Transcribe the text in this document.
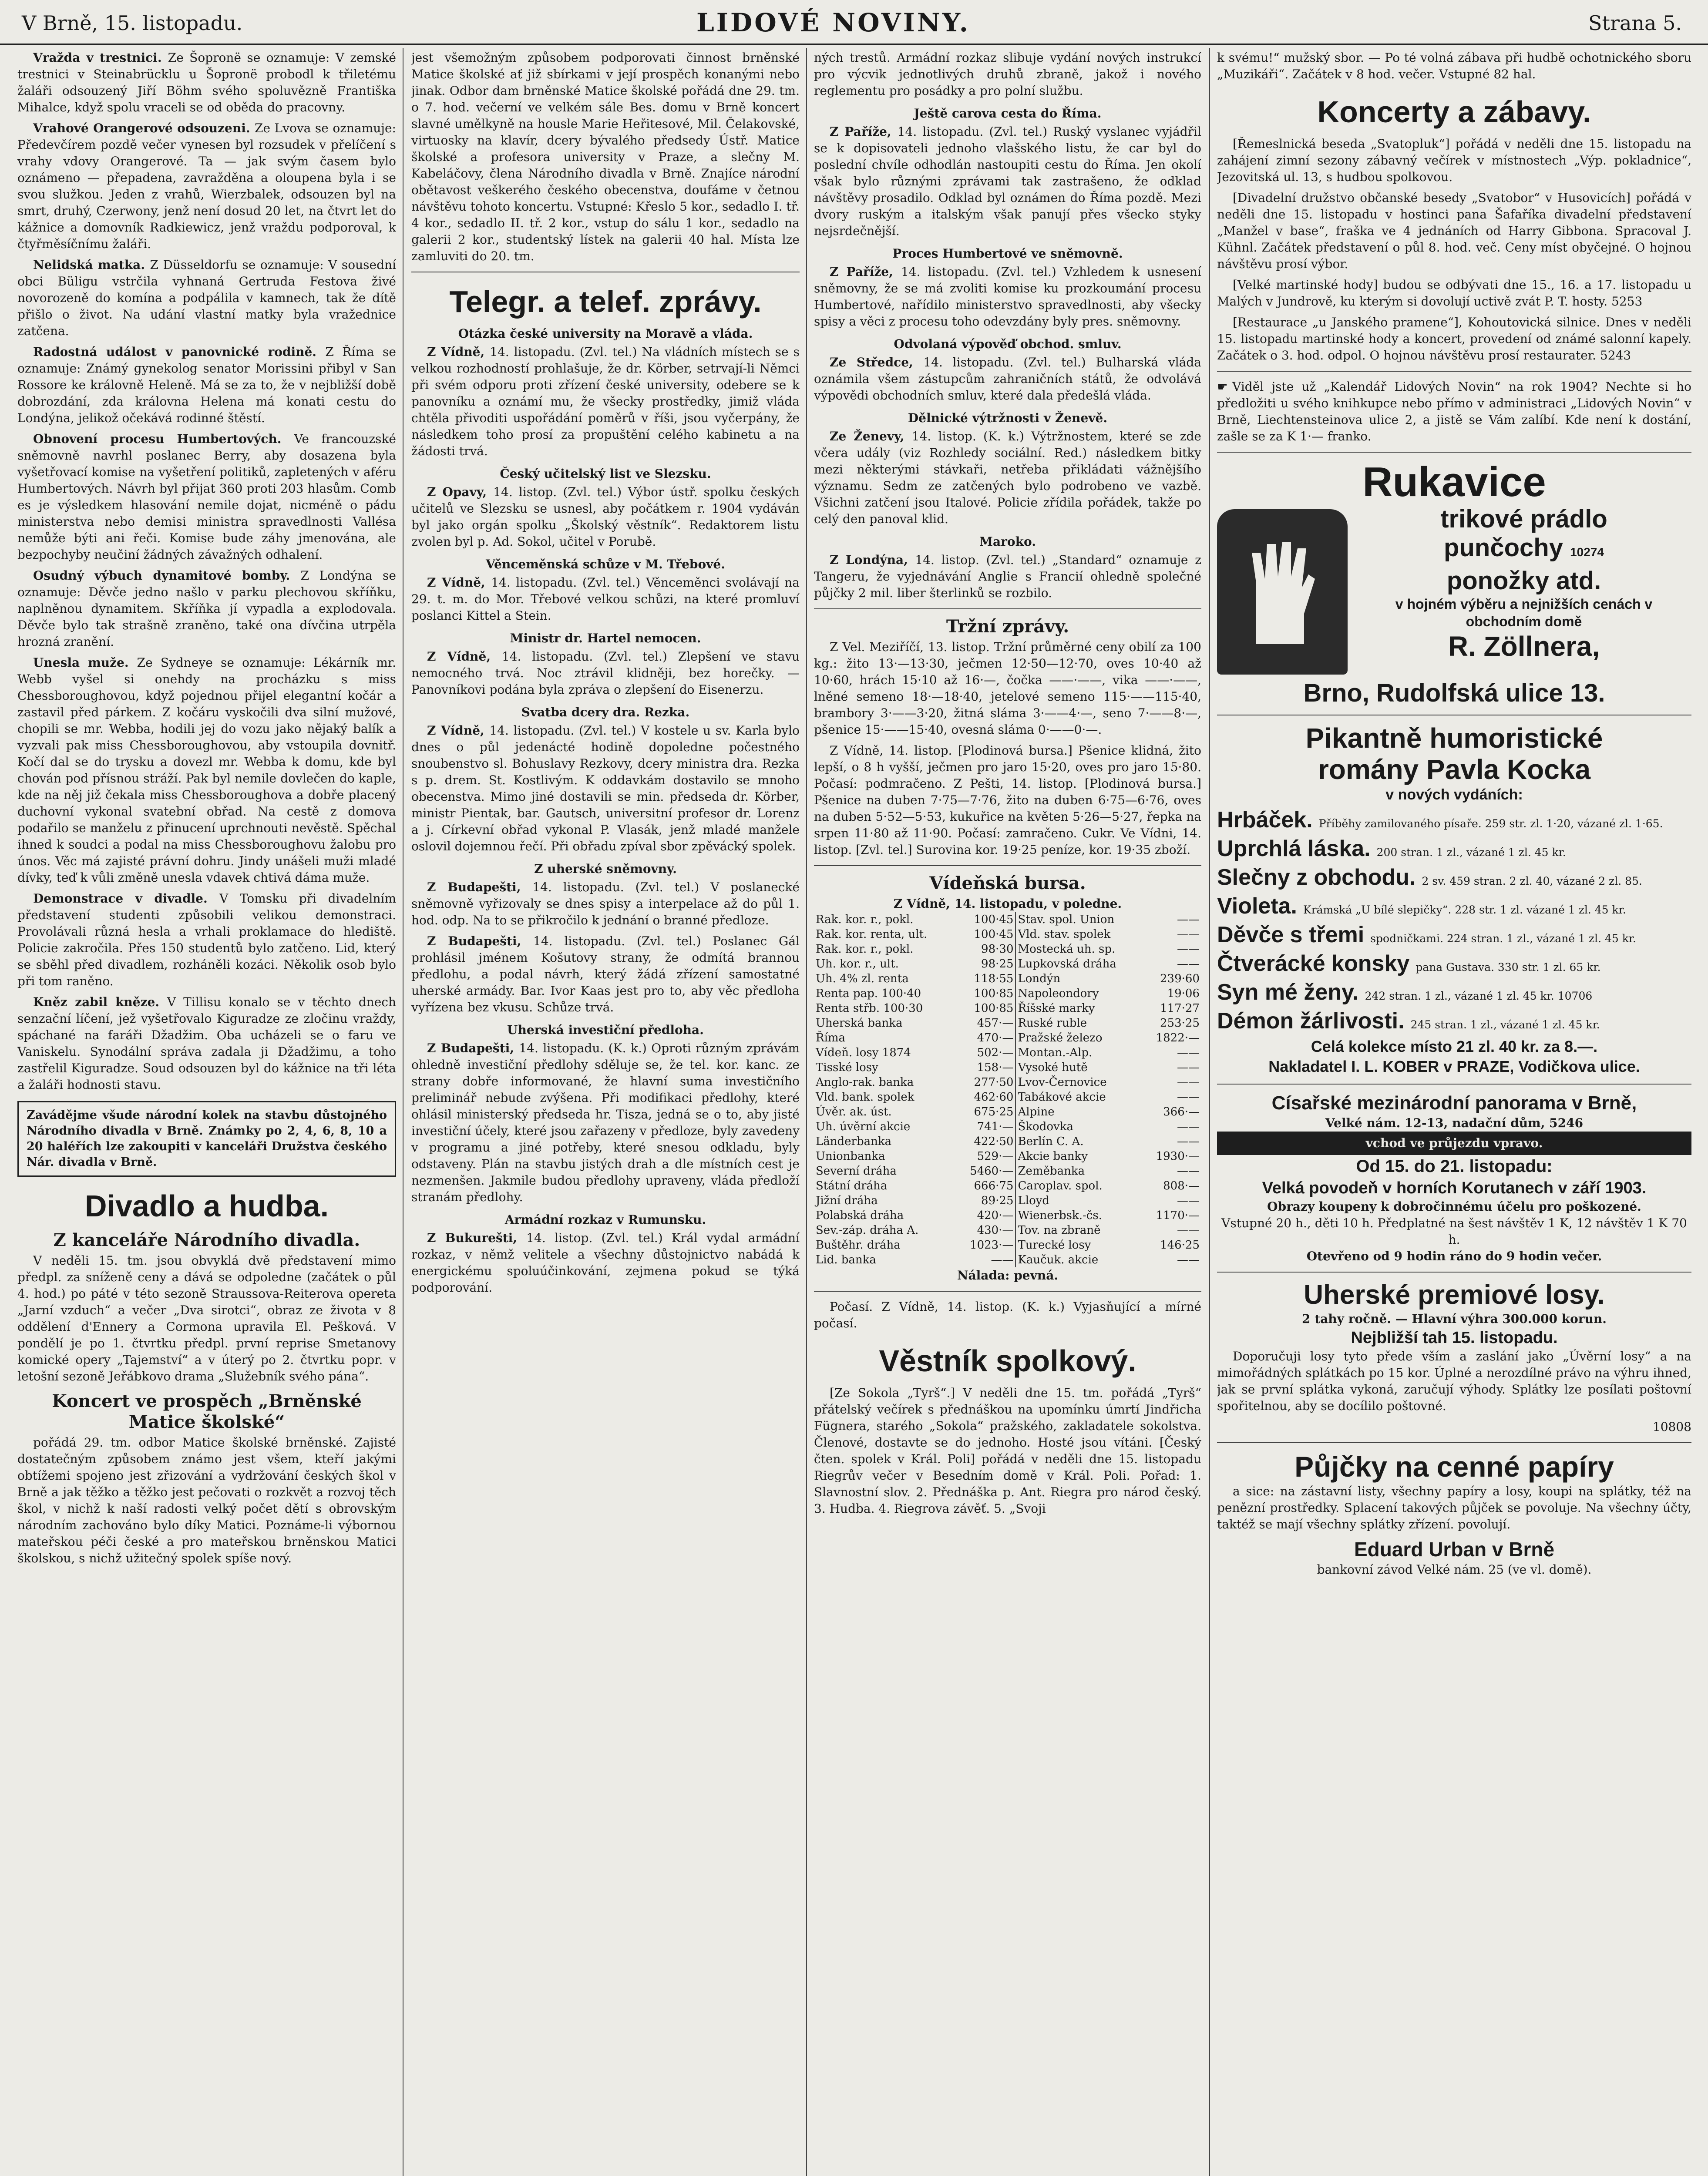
V Brně, 15. listopadu.	LIDOVÉ NOVINY.	Strana 5.

Vražda v trestnici. Ze Šopronë se oznamuje: V zemské trestnici v Steinabrücklu u Šopronë probodl k třiletému žaláři odsouzený Jiří Böhm svého spoluvězně Františka Mihalce, když spolu vraceli se od oběda do pracovny.

Vrahové Orangerové odsouzeni. Ze Lvova se oznamuje: Předevčírem pozdě večer vynesen byl rozsudek v přelíčení s vrahy vdovy Orangerové. Ta — jak svým časem bylo oznámeno — přepadena, zavražděna a oloupena byla i se svou služkou. Jeden z vrahů, Wierzbalek, odsouzen byl na smrt, druhý, Czerwony, jenž není dosud 20 let, na čtvrt let do kážnice a domovník Radkiewicz, jenž vraždu podporoval, k čtyřměsíčnímu žaláři.

Nelidská matka. Z Düsseldorfu se oznamuje: V sousední obci Büligu vstrčila vyhnaná Gertruda Festova živé novorozeně do komína a podpálila v kamnech, tak že dítě přišlo o život. Na udání vlastní matky byla vražednice zatčena.

Radostná událost v panovnické rodině. Z Říma se oznamuje: Známý gynekolog senator Morissini přibyl v San Rossore ke královně Heleně. Má se za to, že v nejbližší době dobrozdání, zda královna Helena má konati cestu do Londýna, jelikož očekává rodinné štěstí.

Obnovení procesu Humbertových. Ve francouzské sněmovně navrhl poslanec Berry, aby dosazena byla vyšetřovací komise na vyšetření politiků, zapletených v aféru Humbertových. Návrh byl přijat 360 proti 203 hlasům. Comb es je výsledkem hlasování nemile dojat, nicméně o pádu ministerstva nebo demisi ministra spravedlnosti Vallésa nemůže býti ani řeči. Komise bude záhy jmenována, ale bezpochyby neučiní žádných závažných odhalení.

Osudný výbuch dynamitové bomby. Z Londýna se oznamuje: Děvče jedno našlo v parku plechovou skříňku, naplněnou dynamitem. Skříňka jí vypadla a explodovala. Děvče bylo tak strašně zraněno, také ona dívčina utrpěla hrozná zranění.

Unesla muže. Ze Sydneye se oznamuje: Lékárník mr. Webb vyšel si onehdy na procházku s miss Chessboroughovou, když pojednou přijel elegantní kočár a zastavil před párkem. Z kočáru vyskočili dva silní mužové, chopili se mr. Webba, hodili jej do vozu jako nějaký balík a vyzvali pak miss Chessboroughovou, aby vstoupila dovnitř. Kočí dal se do trysku a dovezl mr. Webba k domu, kde byl chován pod přísnou stráží. Pak byl nemile dovlečen do kaple, kde na něj již čekala miss Chessboroughova a dobře placený duchovní vykonal svatební obřad. Na cestě z domova podařilo se manželu z přinucení uprchnouti nevěstě. Spěchal ihned k soudci a podal na miss Chessboroughovu žalobu pro únos. Věc má zajisté právní dohru. Jindy unášeli muži mladé dívky, teď k vůli změně unesla vdavek chtivá dáma muže.

Demonstrace v divadle. V Tomsku při divadelním představení studenti způsobili velikou demonstraci. Provolávali různá hesla a vrhali proklamace do hlediště. Policie zakročila. Přes 150 studentů bylo zatčeno. Lid, který se sběhl před divadlem, rozháněli kozáci. Několik osob bylo při tom raněno.

Kněz zabil kněze. V Tillisu konalo se v těchto dnech senzační líčení, jež vyšetřovalo Kiguradze ze zločinu vraždy, spáchané na faráři Džadžim. Oba ucházeli se o faru ve Vaniskelu. Synodální správa zadala ji Džadžimu, a toho zastřelil Kiguradze. Soud odsouzen byl do kážnice na tři léta a žaláři hodnosti stavu.

Zavádějme všude národní kolek na stavbu důstojného Národního divadla v Brně. Známky po 2, 4, 6, 8, 10 a 20 haléřích lze zakoupiti v kanceláři Družstva českého Nár. divadla v Brně.
Divadlo a hudba.
Z kanceláře Národního divadla.

V neděli 15. tm. jsou obvyklá dvě představení mimo předpl. za sníženě ceny a dává se odpoledne (začátek o půl 4. hod.) po páté v této sezoně Straussova-Reiterova opereta „Jarní vzduch“ a večer „Dva sirotci“, obraz ze života v 8 oddělení d'Ennery a Cormona upravila El. Pešková. V pondělí je po 1. čtvrtku předpl. první reprise Smetanovy komické opery „Tajemství“ a v úterý po 2. čtvrtku popr. v letošní sezoně Jeřábkovo drama „Služebník svého pána“.

Koncert ve prospěch „Brněnské Matice školské“

pořádá 29. tm. odbor Matice školské brněnské. Zajisté dostatečným způsobem známo jest všem, kteří jakými obtížemi spojeno jest zřizování a vydržování českých škol v Brně a jak těžko a těžko jest pečovati o rozkvět a rozvoj těch škol, v nichž k naší radosti velký počet dětí s obrovským národním zachováno bylo díky Matici. Poznáme-li výbornou mateřskou péči české a pro mateřskou brněnskou Matici školskou, s nichž užitečný spolek spíše nový.

jest všemožným způsobem podporovati činnost brněnské Matice školské ať již sbírkami v její prospěch konanými nebo jinak. Odbor dam brněnské Matice školské pořádá dne 29. tm. o 7. hod. večerní ve velkém sále Bes. domu v Brně koncert slavné umělkyně na housle Marie Heřitesové, Mil. Čelakovské, virtuosky na klavír, dcery bývalého předsedy Ústř. Matice školské a profesora university v Praze, a slečny M. Kabeláčovy, člena Národního divadla v Brně. Znajíce národní obětavost veškerého českého obecenstva, doufáme v četnou návštěvu tohoto koncertu. Vstupné: Křeslo 5 kor., sedadlo I. tř. 4 kor., sedadlo II. tř. 2 kor., vstup do sálu 1 kor., sedadlo na galerii 2 kor., studentský lístek na galerii 40 hal. Místa lze zamluviti do 20. tm.

Telegr. a telef. zprávy.
Otázka české university na Moravě a vláda.

Z Vídně, 14. listopadu. (Zvl. tel.) Na vládních místech se s velkou rozhodností prohlašuje, že dr. Körber, setrvají-li Němci při svém odporu proti zřízení české university, odebere se k panovníku a oznámí mu, že všecky prostředky, jimiž vláda chtěla přivoditi uspořádání poměrů v říši, jsou vyčerpány, že následkem toho prosí za propuštění celého kabinetu a na žádosti trvá.

Český učitelský list ve Slezsku.

Z Opavy, 14. listop. (Zvl. tel.) Výbor ústř. spolku českých učitelů ve Slezsku se usnesl, aby počátkem r. 1904 vydáván byl jako orgán spolku „Školský věstník“. Redaktorem listu zvolen byl p. Ad. Sokol, učitel v Porubě.

Věnceměnská schůze v M. Třebové.

Z Vídně, 14. listopadu. (Zvl. tel.) Věnceměnci svolávají na 29. t. m. do Mor. Třebové velkou schůzi, na které promluví poslanci Kittel a Stein.

Ministr dr. Hartel nemocen.

Z Vídně, 14. listopadu. (Zvl. tel.) Zlepšení ve stavu nemocného trvá. Noc ztrávil klidněji, bez horečky. — Panovníkovi podána byla zpráva o zlepšení do Eisenerzu.

Svatba dcery dra. Rezka.

Z Vídně, 14. listopadu. (Zvl. tel.) V kostele u sv. Karla bylo dnes o půl jedenácté hodině dopoledne počestného snoubenstvo sl. Bohuslavy Rezkovy, dcery ministra dra. Rezka s p. drem. St. Kostlivým. K oddavkám dostavilo se mnoho obecenstva. Mimo jiné dostavili se min. předseda dr. Körber, ministr Pientak, bar. Gautsch, universitní profesor dr. Lorenz a j. Církevní obřad vykonal P. Vlasák, jenž mladé manžele oslovil dojemnou řečí. Při obřadu zpíval sbor zpěvácký spolek.

Z uherské sněmovny.

Z Budapešti, 14. listopadu. (Zvl. tel.) V poslanecké sněmovně vyřizovaly se dnes spisy a interpelace až do půl 1. hod. odp. Na to se přikročilo k jednání o branné předloze.

Z Budapešti, 14. listopadu. (Zvl. tel.) Poslanec Gál prohlásil jménem Košutovy strany, že odmítá brannou předlohu, a podal návrh, který žádá zřízení samostatné uherské armády. Bar. Ivor Kaas jest pro to, aby věc předloha vyřízena bez vkusu. Schůze trvá.

Uherská investiční předloha.

Z Budapešti, 14. listopadu. (K. k.) Oproti různým zprávám ohledně investiční předlohy sděluje se, že tel. kor. kanc. ze strany dobře informované, že hlavní suma investičního preliminář nebude zvýšena. Při modifikaci předlohy, které ohlásil ministerský předseda hr. Tisza, jedná se o to, aby jisté investiční účely, které jsou zařazeny v předloze, byly zavedeny v programu a jiné potřeby, které snesou odkladu, byly odstaveny. Plán na stavbu jistých drah a dle místních cest je nezmenšen. Jakmile budou předlohy upraveny, vláda předloží stranám předlohy.

Armádní rozkaz v Rumunsku.

Z Bukurešti, 14. listop. (Zvl. tel.) Král vydal armádní rozkaz, v němž velitele a všechny důstojnictvo nabádá k energickému spoluúčinkování, zejmena pokud se týká podporování.

ných trestů. Armádní rozkaz slibuje vydání nových instrukcí pro výcvik jednotlivých druhů zbraně, jakož i nového reglementu pro posádky a pro polní službu.

Ještě carova cesta do Říma.

Z Paříže, 14. listopadu. (Zvl. tel.) Ruský vyslanec vyjádřil se k dopisovateli jednoho vlašského listu, že car byl do poslední chvíle odhodlán nastoupiti cestu do Říma. Jen okolí však bylo různými zprávami tak zastrašeno, že odklad návštěvy prosadilo. Odklad byl oznámen do Říma pozdě. Mezi dvory ruským a italským však panují přes všecko styky nejsrdečnější.

Proces Humbertové ve sněmovně.

Z Paříže, 14. listopadu. (Zvl. tel.) Vzhledem k usnesení sněmovny, že se má zvoliti komise ku prozkoumání procesu Humbertové, nařídilo ministerstvo spravedlnosti, aby všecky spisy a věci z procesu toho odevzdány byly pres. sněmovny.

Odvolaná výpověď obchod. smluv.

Ze Středce, 14. listopadu. (Zvl. tel.) Bulharská vláda oznámila všem zástupcům zahraničních států, že odvolává výpovědi obchodních smluv, které dala předešlá vláda.

Dělnické výtržnosti v Ženevě.

Ze Ženevy, 14. listop. (K. k.) Výtržnostem, které se zde včera udály (viz Rozhledy sociální. Red.) následkem bitky mezi některými stávkaři, netřeba přikládati vážnějšího významu. Sedm ze zatčených bylo podrobeno ve vazbě. Všichni zatčení jsou Italové. Policie zřídila pořádek, takže po celý den panoval klid.

Maroko.

Z Londýna, 14. listop. (Zvl. tel.) „Standard“ oznamuje z Tangeru, že vyjednávání Anglie s Francií ohledně společné půjčky 2 mil. liber šterlinků se rozbilo.

Tržní zprávy.

Z Vel. Meziříčí, 13. listop. Tržní průměrné ceny obilí za 100 kg.: žito 13·—13·30, ječmen 12·50—12·70, oves 10·40 až 10·60, hrách 15·10 až 16·—, čočka ——·——, vika ——·——, lněné semeno 18·—18·40, jetelové semeno 115·——115·40, brambory 3·——3·20, žitná sláma 3·——4·—, seno 7·——8·—, pšenice 15·——15·40, ovesná sláma 0·——0·—.

Z Vídně, 14. listop. [Plodinová bursa.] Pšenice klidná, žito lepší, o 8 h vyšší, ječmen pro jaro 15·20, oves pro jaro 15·80. Počasí: podmračeno. Z Pešti, 14. listop. [Plodinová bursa.] Pšenice na duben 7·75—7·76, žito na duben 6·75—6·76, oves na duben 5·52—5·53, kukuřice na květen 5·26—5·27, řepka na srpen 11·80 až 11·90. Počasí: zamračeno. Cukr. Ve Vídni, 14. listop. [Zvl. tel.] Surovina kor. 19·25 peníze, kor. 19·35 zboží.

Vídeňská bursa.
Z Vídně, 14. listopadu, v poledne.
Rak. kor. r., pokl.	100·45	Stav. spol. Union	——
Rak. kor. renta, ult.	100·45	Vld. stav. spolek	——
Rak. kor. r., pokl.	98·30	Mostecká uh. sp.	——
Uh. kor. r., ult.	98·25	Lupkovská dráha	——
Uh. 4% zl. renta	118·55	Londýn	239·60
Renta pap. 100·40	100·85	Napoleondory	19·06
Renta střb. 100·30	100·85	Říšské marky	117·27
Uherská banka	457·—	Ruské ruble	253·25
Říma	470·—	Pražské železo	1822·—
Vídeň. losy 1874	502·—	Montan.-Alp.	——
Tisské losy	158·—	Vysoké hutě	——
Anglo-rak. banka	277·50	Lvov-Černovice	——
Vld. bank. spolek	462·60	Tabákové akcie	——
Úvěr. ak. úst.	675·25	Alpine	366·—
Uh. úvěrní akcie	741·—	Škodovka	——
Länderbanka	422·50	Berlín C. A.	——
Unionbanka	529·—	Akcie banky	1930·—
Severní dráha	5460·—	Zeměbanka	——
Státní dráha	666·75	Caroplav. spol.	808·—
Jižní dráha	89·25	Lloyd	——
Polabská dráha	420·—	Wienerbsk.-čs.	1170·—
Sev.-záp. dráha A.	430·—	Tov. na zbraně	——
Buštěhr. dráha	1023·—	Turecké losy	146·25
Lid. banka	——	Kaučuk. akcie	——
Nálada: pevná.

Počasí. Z Vídně, 14. listop. (K. k.) Vyjasňující a mírné počasí.

Věstník spolkový.

[Ze Sokola „Tyrš“.] V neděli dne 15. tm. pořádá „Tyrš“ přátelský večírek s přednáškou na upomínku úmrtí Jindřicha Fügnera, starého „Sokola“ pražského, zakladatele sokolstva. Členové, dostavte se do jednoho. Hosté jsou vítáni. [Český čten. spolek v Král. Poli] pořádá v neděli dne 15. listopadu Riegrův večer v Besedním domě v Král. Poli. Pořad: 1. Slavnostní slov. 2. Přednáška p. Ant. Riegra pro národ český. 3. Hudba. 4. Riegrova závěť. 5. „Svoji

k svému!“ mužský sbor. — Po té volná zábava při hudbě ochotnického sboru „Muzikáři“. Začátek v 8 hod. večer. Vstupné 82 hal.

Koncerty a zábavy.

[Řemeslnická beseda „Svatopluk“] pořádá v neděli dne 15. listopadu na zahájení zimní sezony zábavný večírek v místnostech „Výp. pokladnice“, Jezovitská ul. 13, s hudbou spolkovou.

[Divadelní družstvo občanské besedy „Svatobor“ v Husovicích] pořádá v neděli dne 15. listopadu v hostinci pana Šafaříka divadelní představení „Manžel v base“, fraška ve 4 jednáních od Harry Gibbona. Spracoval J. Kühnl. Začátek představení o půl 8. hod. več. Ceny míst obyčejné. O hojnou návštěvu prosí výbor.

[Velké martinské hody] budou se odbývati dne 15., 16. a 17. listopadu u Malých v Jundrově, ku kterým si dovolují uctivě zvát P. T. hosty. 5253

[Restaurace „u Janského pramene“], Kohoutovická silnice. Dnes v neděli 15. listopadu martinské hody a koncert, provedení od známé salonní kapely. Začátek o 3. hod. odpol. O hojnou návštěvu prosí restaurater. 5243

☛ Viděl jste už „Kalendář Lidových Novin“ na rok 1904? Nechte si ho předložiti u svého knihkupce nebo přímo v administraci „Lidových Novin“ v Brně, Liechtensteinova ulice 2, a jistě se Vám zalíbí. Kde není k dostání, zašle se za K 1·— franko.

Rukavice
trikové prádlo
punčochy 10274
ponožky atd.
v hojném výběru a nejnižších cenách v obchodním domě
R. Zöllnera,
Brno, Rudolfská ulice 13.
Pikantně humoristické
romány Pavla Kocka
v nových vydáních:
Hrbáček. Příběhy zamilovaného písaře. 259 str. zl. 1·20, vázané zl. 1·65.
Uprchlá láska. 200 stran. 1 zl., vázané 1 zl. 45 kr.
Slečny z obchodu. 2 sv. 459 stran. 2 zl. 40, vázané 2 zl. 85.
Violeta. Krámská „U bílé slepičky“. 228 str. 1 zl. vázané 1 zl. 45 kr.
Děvče s třemi spodničkami. 224 stran. 1 zl., vázané 1 zl. 45 kr.
Čtverácké konsky pana Gustava. 330 str. 1 zl. 65 kr.
Syn mé ženy. 242 stran. 1 zl., vázané 1 zl. 45 kr. 10706
Démon žárlivosti. 245 stran. 1 zl., vázané 1 zl. 45 kr.
Celá kolekce místo 21 zl. 40 kr. za 8.—.
Nakladatel I. L. KOBER v PRAZE, Vodičkova ulice.
Císařské mezinárodní panorama v Brně,
Velké nám. 12-13, nadační dům, 5246
vchod ve průjezdu vpravo.
Od 15. do 21. listopadu:
Velká povodeň v horních Korutanech v září 1903.
Obrazy koupeny k dobročinnému účelu pro poškozené.
Vstupné 20 h., děti 10 h. Předplatné na šest návštěv 1 K, 12 návštěv 1 K 70 h.
Otevřeno od 9 hodin ráno do 9 hodin večer.
Uherské premiové losy.
2 tahy ročně. — Hlavní výhra 300.000 korun.
Nejbližší tah 15. listopadu.

Doporučuji losy tyto přede vším a zaslání jako „Úvěrní losy“ a na mimořádných splátkách po 15 kor. Úplné a nerozdílné právo na výhru ihned, jak se první splátka vykoná, zaručují výhody. Splátky lze posílati poštovní spořitelnou, aby se docílilo poštovné.

10808
Půjčky na cenné papíry

a sice: na zástavní listy, všechny papíry a losy, koupi na splátky, též na penězní prostředky. Splacení takových půjček se povoluje. Na všechny účty, taktéž se mají všechny splátky zřízení. povolují.

Eduard Urban v Brně
bankovní závod Velké nám. 25 (ve vl. domě).
